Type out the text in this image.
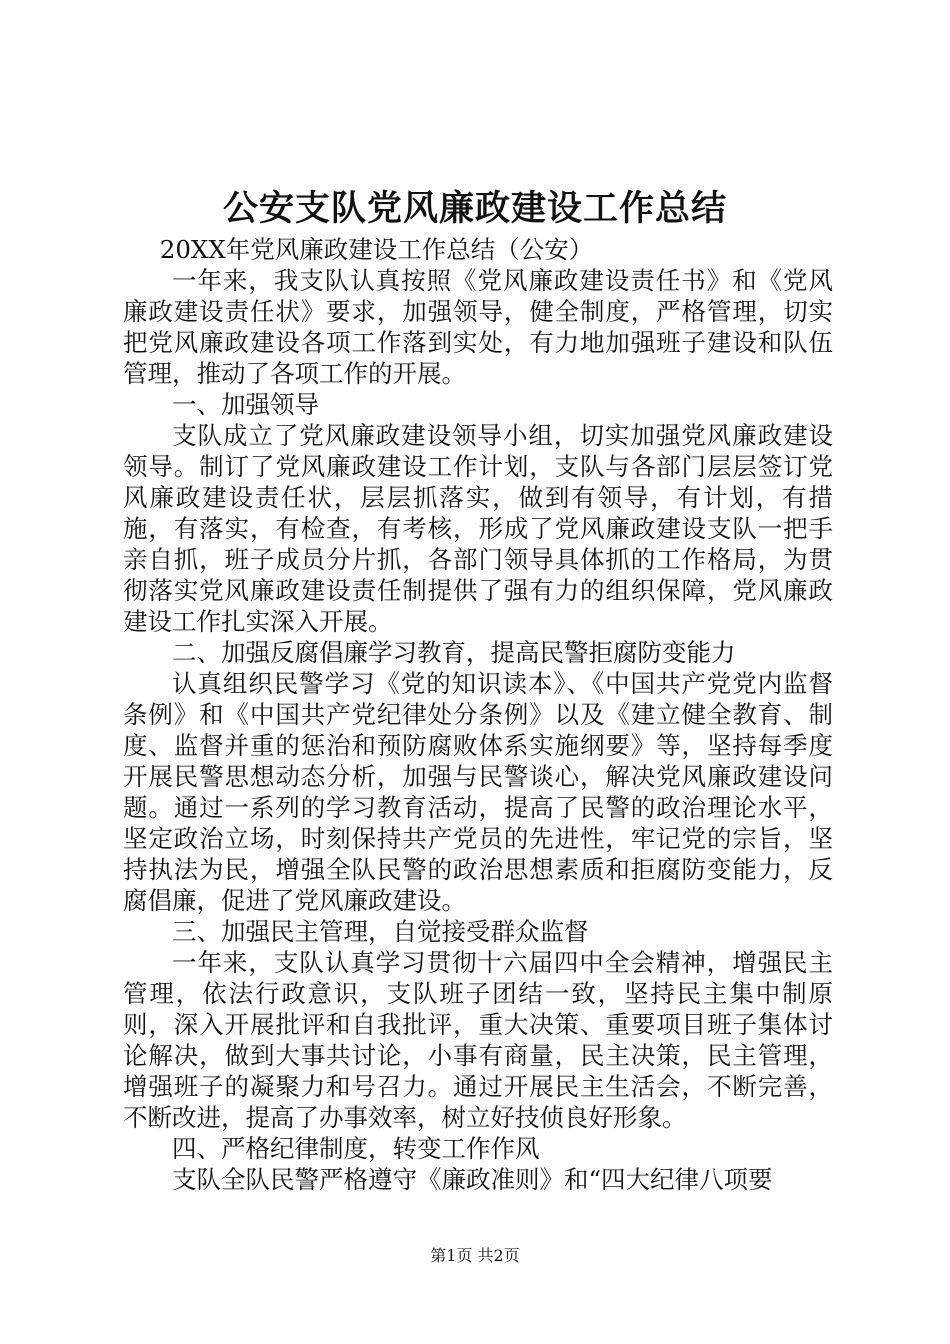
公安支队党风廉政建设工作总结

20XX年党风廉政建设工作总结（公安）

一年来，我支队认真按照《党风廉政建设责任书》和《党风廉政建设责任状》要求，加强领导，健全制度，严格管理，切实把党风廉政建设各项工作落到实处，有力地加强班子建设和队伍管理，推动了各项工作的开展。

一、加强领导

支队成立了党风廉政建设领导小组，切实加强党风廉政建设领导。制订了党风廉政建设工作计划，支队与各部门层层签订党风廉政建设责任状，层层抓落实，做到有领导，有计划，有措施，有落实，有检查，有考核，形成了党风廉政建设支队一把手亲自抓，班子成员分片抓，各部门领导具体抓的工作格局，为贯彻落实党风廉政建设责任制提供了强有力的组织保障，党风廉政建设工作扎实深入开展。

二、加强反腐倡廉学习教育，提高民警拒腐防变能力

认真组织民警学习《党的知识读本》、《中国共产党党内监督条例》和《中国共产党纪律处分条例》以及《建立健全教育、制度、监督并重的惩治和预防腐败体系实施纲要》等，坚持每季度开展民警思想动态分析，加强与民警谈心，解决党风廉政建设问题。通过一系列的学习教育活动，提高了民警的政治理论水平，坚定政治立场，时刻保持共产党员的先进性，牢记党的宗旨，坚持执法为民，增强全队民警的政治思想素质和拒腐防变能力，反腐倡廉，促进了党风廉政建设。

三、加强民主管理，自觉接受群众监督

一年来，支队认真学习贯彻十六届四中全会精神，增强民主管理，依法行政意识，支队班子团结一致，坚持民主集中制原则，深入开展批评和自我批评，重大决策、重要项目班子集体讨论解决，做到大事共讨论，小事有商量，民主决策，民主管理，增强班子的凝聚力和号召力。通过开展民主生活会，不断完善，不断改进，提高了办事效率，树立好技侦良好形象。

四、严格纪律制度，转变工作作风

支队全队民警严格遵守《廉政准则》和“四大纪律八项要

第1页 共2页
